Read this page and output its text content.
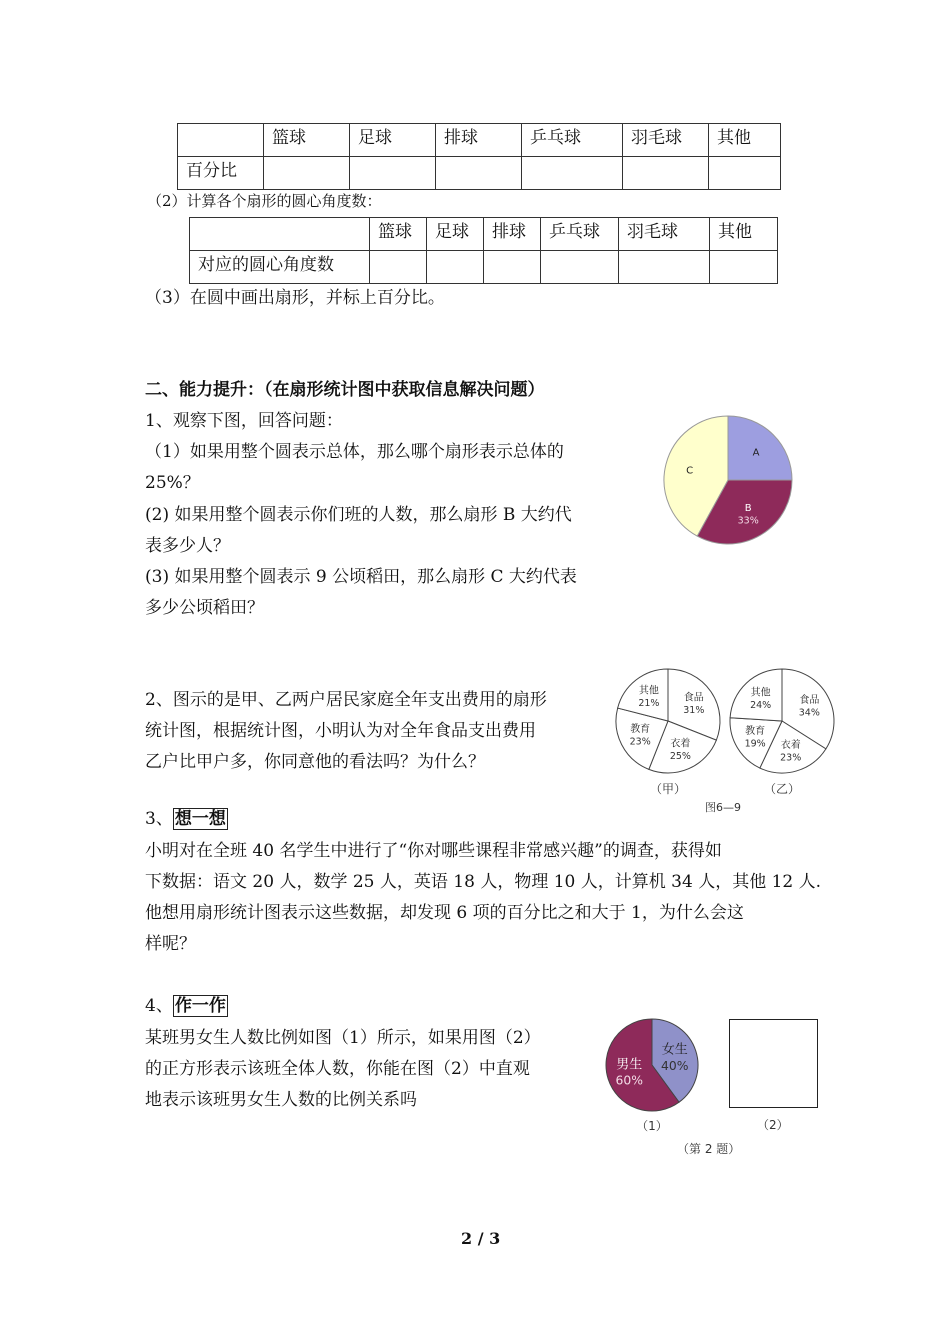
	篮球	足球	排球	乒乓球	羽毛球	其他
百分比						
（2）计算各个扇形的圆心角度数：
	篮球	足球	排球	乒乓球	羽毛球	其他
对应的圆心角度数						
（3）在圆中画出扇形，并标上百分比。
二、能力提升：（在扇形统计图中获取信息解决问题）
1、观察下图，回答问题：
（1）如果用整个圆表示总体，那么哪个扇形表示总体的
25%？
(2) 如果用整个圆表示你们班的人数，那么扇形 B 大约代
表多少人？
(3) 如果用整个圆表示 9 公顷稻田，那么扇形 C 大约代表
多少公顷稻田？
A
B
33%
C
2、图示的是甲、乙两户居民家庭全年支出费用的扇形
统计图，根据统计图，小明认为对全年食品支出费用
乙户比甲户多，你同意他的看法吗？为什么？
食品
31%
衣着
25%
教育
23%
其他
21%
（甲）
食品
34%
衣着
23%
教育
19%
其他
24%
（乙）
图6—9
3、 想一想
小明对在全班 40 名学生中进行了“你对哪些课程非常感兴趣”的调查，获得如
下数据：语文 20 人，数学 25 人，英语 18 人，物理 10 人，计算机 34 人，其他 12 人.
他想用扇形统计图表示这些数据，却发现 6 项的百分比之和大于 1，为什么会这
样呢？
4、 作一作
某班男女生人数比例如图（1）所示，如果用图（2）
的正方形表示该班全体人数，你能在图（2）中直观
地表示该班男女生人数的比例关系吗
女生
40%
男生
60%
（1）	（2）
（第 2 题）
2 / 3
